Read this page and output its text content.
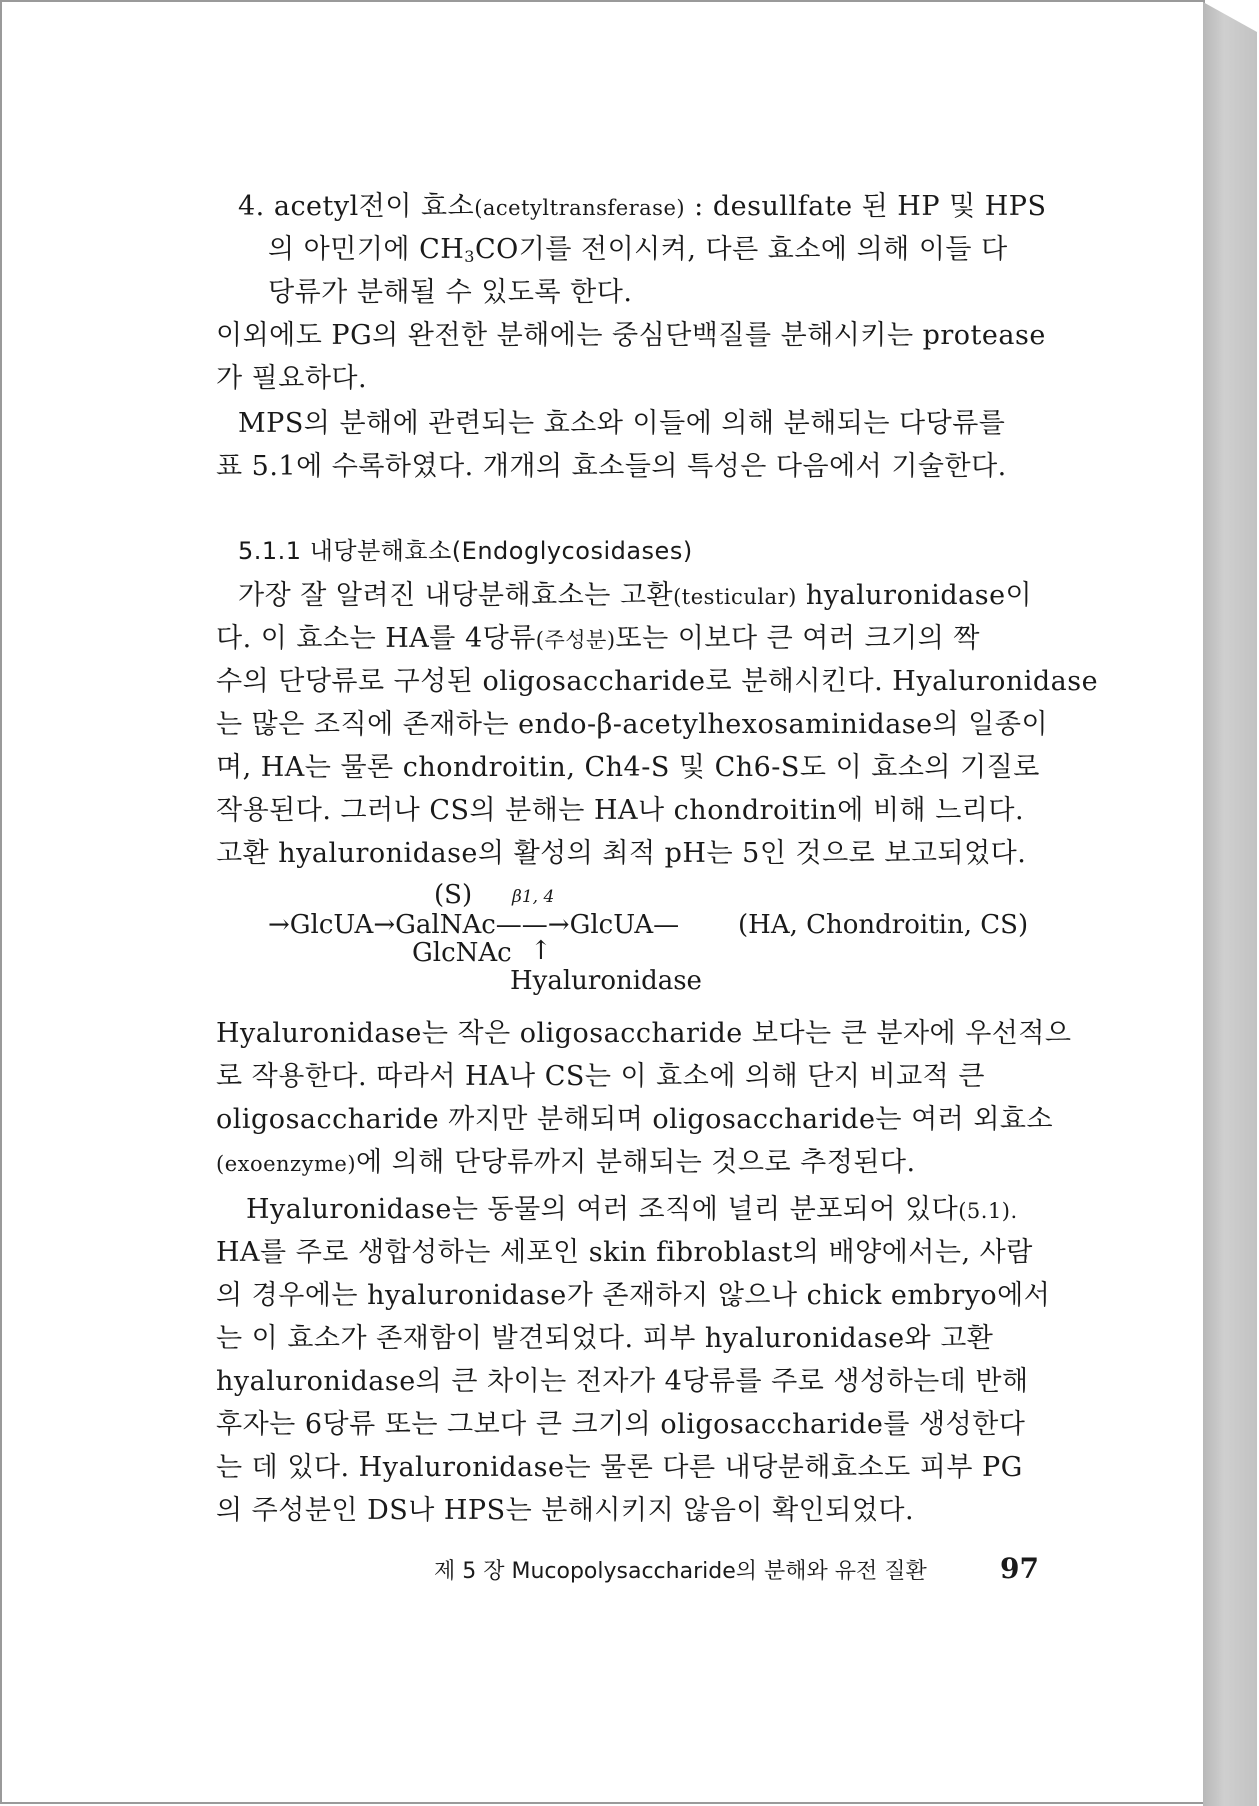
4. acetyl전이 효소(acetyltransferase) : desullfate 된 HP 및 HPS
의 아민기에 $CH_3CO$기를 전이시켜, 다른 효소에 의해 이들 다
당류가 분해될 수 있도록 한다.
이외에도 PG의 완전한 분해에는 중심단백질를 분해시키는 protease
가 필요하다.
MPS의 분해에 관련되는 효소와 이들에 의해 분해되는 다당류를
표 5.1에 수록하였다. 개개의 효소들의 특성은 다음에서 기술한다.
5.1.1 내당분해효소(Endoglycosidases)
가장 잘 알려진 내당분해효소는 고환(testicular) hyaluronidase이
다. 이 효소는 HA를 4당류(주성분)또는 이보다 큰 여러 크기의 짝
수의 단당류로 구성된 oligosaccharide로 분해시킨다. Hyaluronidase
는 많은 조직에 존재하는 endo-β-acetylhexosaminidase의 일종이
며, HA는 물론 chondroitin, Ch4-S 및 Ch6-S도 이 효소의 기질로
작용된다. 그러나 CS의 분해는 HA나 chondroitin에 비해 느리다.
고환 hyaluronidase의 활성의 최적 pH는 5인 것으로 보고되었다.
(S) β1, 4
→GlcUA→GalNAc——→GlcUA— (HA, Chondroitin, CS)
GlcNAc ↑
Hyaluronidase
Hyaluronidase는 작은 oligosaccharide 보다는 큰 분자에 우선적으
로 작용한다. 따라서 HA나 CS는 이 효소에 의해 단지 비교적 큰
oligosaccharide 까지만 분해되며 oligosaccharide는 여러 외효소
(exoenzyme)에 의해 단당류까지 분해되는 것으로 추정된다.
Hyaluronidase는 동물의 여러 조직에 널리 분포되어 있다(5.1).
HA를 주로 생합성하는 세포인 skin fibroblast의 배양에서는, 사람
의 경우에는 hyaluronidase가 존재하지 않으나 chick embryo에서
는 이 효소가 존재함이 발견되었다. 피부 hyaluronidase와 고환
hyaluronidase의 큰 차이는 전자가 4당류를 주로 생성하는데 반해
후자는 6당류 또는 그보다 큰 크기의 oligosaccharide를 생성한다
는 데 있다. Hyaluronidase는 물론 다른 내당분해효소도 피부 PG
의 주성분인 DS나 HPS는 분해시키지 않음이 확인되었다.
제 5 장 Mucopolysaccharide의 분해와 유전 질환	97
